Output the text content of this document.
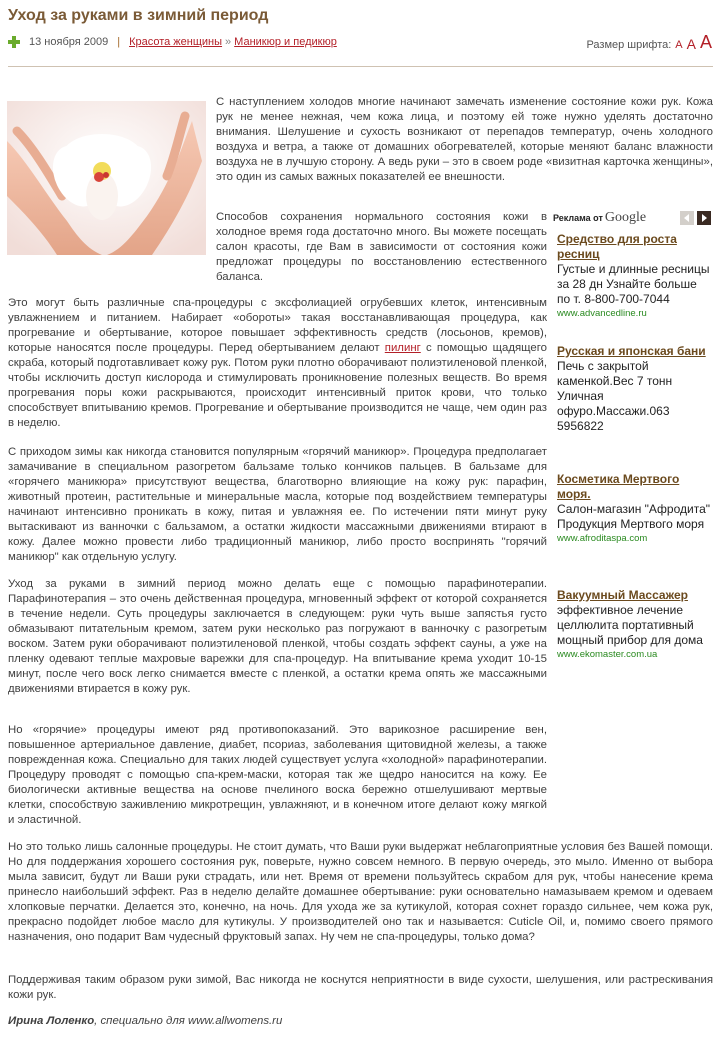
Уход за руками в зимний период
13 ноября 2009 | Красота женщины » Маникюр и педикюр	Размер шрифта: A A A

С наступлением холодов многие начинают замечать изменение состояние кожи рук. Кожа рук не менее нежная, чем кожа лица, и поэтому ей тоже нужно уделять достаточно внимания. Шелушение и сухость возникают от перепадов температур, очень холодного воздуха и ветра, а также от домашних обогревателей, которые меняют баланс влажности воздуха не в лучшую сторону. А ведь руки – это в своем роде «визитная карточка женщины», это один из самых важных показателей ее внешности.

Способов сохранения нормального состояния кожи в холодное время года достаточно много. Вы можете посещать салон красоты, где Вам в зависимости от состояния кожи предложат процедуры по восстановлению естественного баланса.

Это могут быть различные спа-процедуры с эксфолиацией огрубевших клеток, интенсивным увлажнением и питанием. Набирает «обороты» такая восстанавливающая процедура, как прогревание и обертывание, которое повышает эффективность средств (лосьонов, кремов), которые наносятся после процедуры. Перед обертыванием делают пилинг с помощью щадящего скраба, который подготавливает кожу рук. Потом руки плотно оборачивают полиэтиленовой пленкой, чтобы исключить доступ кислорода и стимулировать проникновение полезных веществ. Во время прогревания поры кожи раскрываются, происходит интенсивный приток крови, что только способствует впитыванию кремов. Прогревание и обертывание производится не чаще, чем один раз в неделю.

С приходом зимы как никогда становится популярным «горячий маникюр». Процедура предполагает замачивание в специальном разогретом бальзаме только кончиков пальцев. В бальзаме для «горячего маникюра» присутствуют вещества, благотворно влияющие на кожу рук: парафин, животный протеин, растительные и минеральные масла, которые под воздействием температуры начинают интенсивно проникать в кожу, питая и увлажняя ее. По истечении пяти минут руку вытаскивают из ванночки с бальзамом, а остатки жидкости массажными движениями втирают в кожу. Далее можно провести либо традиционный маникюр, либо просто воспринять "горячий маникюр" как отдельную услугу.

Уход за руками в зимний период можно делать еще с помощью парафинотерапии. Парафинотерапия – это очень действенная процедура, мгновенный эффект от которой сохраняется в течение недели. Суть процедуры заключается в следующем: руки чуть выше запястья густо обмазывают питательным кремом, затем руки несколько раз погружают в ванночку с разогретым воском. Затем руки оборачивают полиэтиленовой пленкой, чтобы создать эффект сауны, а уже на пленку одевают теплые махровые варежки для спа-процедур. На впитывание крема уходит 10-15 минут, после чего воск легко снимается вместе с пленкой, а остатки крема опять же массажными движениями втирается в кожу рук.

Но «горячие» процедуры имеют ряд противопоказаний. Это варикозное расширение вен, повышенное артериальное давление, диабет, псориаз, заболевания щитовидной железы, а также поврежденная кожа. Специально для таких людей существует услуга «холодной» парафинотерапии. Процедуру проводят с помощью спа-крем-маски, которая так же щедро наносится на кожу. Ее биологически активные вещества на основе пчелиного воска бережно отшелушивают мертвые клетки, способствую заживлению микротрещин, увлажняют, и в конечном итоге делают кожу мягкой и эластичной.

Но это только лишь салонные процедуры. Не стоит думать, что Ваши руки выдержат неблагоприятные условия без Вашей помощи. Но для поддержания хорошего состояния рук, поверьте, нужно совсем немного. В первую очередь, это мыло. Именно от выбора мыла зависит, будут ли Ваши руки страдать, или нет. Время от времени пользуйтесь скрабом для рук, чтобы нанесение крема принесло наибольший эффект. Раз в неделю делайте домашнее обертывание: руки основательно намазываем кремом и одеваем хлопковые перчатки. Делается это, конечно, на ночь. Для ухода же за кутикулой, которая сохнет гораздо сильнее, чем кожа рук, прекрасно подойдет любое масло для кутикулы. У производителей оно так и называется: Cuticle Oil, и, помимо своего прямого назначения, оно подарит Вам чудесный фруктовый запах. Ну чем не спа-процедуры, только дома?

Поддерживая таким образом руки зимой, Вас никогда не коснутся неприятности в виде сухости, шелушения, или растрескивания кожи рук.

Ирина Лоленко, специально для www.allwomens.ru
Реклама от Google
Средство для роста ресниц
Густые и длинные ресницы за 28 дн Узнайте больше по т. 8-800-700-7044
www.advancedline.ru
Русская и японская бани
Печь с закрытой каменкой.Вес 7 тонн Уличная офуро.Массажи.063 5956822
Косметика Мертвого моря.
Салон-магазин "Афродита" Продукция Мертвого моря
www.afroditaspa.com
Вакуумный Массажер
эффективное лечение целлюлита портативный мощный прибор для дома
www.ekomaster.com.ua
